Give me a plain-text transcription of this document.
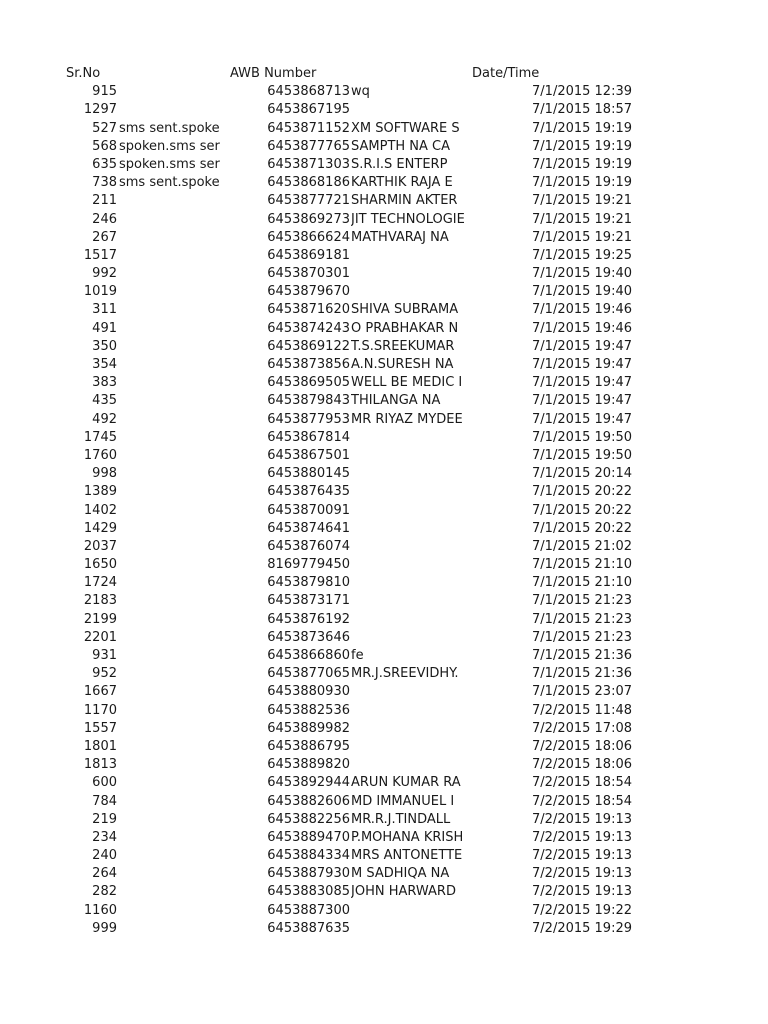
Sr.No	AWB Number	Date/Time
915	6453868713 wq	7/1/2015 12:39
1297	6453867195	7/1/2015 18:57
527 sms sent.spoke	6453871152 XM SOFTWARE S	7/1/2015 19:19
568 spoken.sms ser	6453877765 SAMPTH NA CA	7/1/2015 19:19
635 spoken.sms ser	6453871303 S.R.I.S ENTERP	7/1/2015 19:19
738 sms sent.spoke	6453868186 KARTHIK RAJA E	7/1/2015 19:19
211	6453877721 SHARMIN AKTER	7/1/2015 19:21
246	6453869273 JIT TECHNOLOGIE	7/1/2015 19:21
267	6453866624 MATHVARAJ NA	7/1/2015 19:21
1517	6453869181	7/1/2015 19:25
992	6453870301	7/1/2015 19:40
1019	6453879670	7/1/2015 19:40
311	6453871620 SHIVA SUBRAMA	7/1/2015 19:46
491	6453874243 O PRABHAKAR N	7/1/2015 19:46
350	6453869122 T.S.SREEKUMAR	7/1/2015 19:47
354	6453873856 A.N.SURESH NA	7/1/2015 19:47
383	6453869505 WELL BE MEDIC I	7/1/2015 19:47
435	6453879843 THILANGA NA	7/1/2015 19:47
492	6453877953 MR RIYAZ MYDEE	7/1/2015 19:47
1745	6453867814	7/1/2015 19:50
1760	6453867501	7/1/2015 19:50
998	6453880145	7/1/2015 20:14
1389	6453876435	7/1/2015 20:22
1402	6453870091	7/1/2015 20:22
1429	6453874641	7/1/2015 20:22
2037	6453876074	7/1/2015 21:02
1650	8169779450	7/1/2015 21:10
1724	6453879810	7/1/2015 21:10
2183	6453873171	7/1/2015 21:23
2199	6453876192	7/1/2015 21:23
2201	6453873646	7/1/2015 21:23
931	6453866860 fe	7/1/2015 21:36
952	6453877065 MR.J.SREEVIDHY.	7/1/2015 21:36
1667	6453880930	7/1/2015 23:07
1170	6453882536	7/2/2015 11:48
1557	6453889982	7/2/2015 17:08
1801	6453886795	7/2/2015 18:06
1813	6453889820	7/2/2015 18:06
600	6453892944 ARUN KUMAR RA	7/2/2015 18:54
784	6453882606 MD IMMANUEL I	7/2/2015 18:54
219	6453882256 MR.R.J.TINDALL	7/2/2015 19:13
234	6453889470 P.MOHANA KRISH	7/2/2015 19:13
240	6453884334 MRS ANTONETTE	7/2/2015 19:13
264	6453887930 M SADHIQA NA	7/2/2015 19:13
282	6453883085 JOHN HARWARD	7/2/2015 19:13
1160	6453887300	7/2/2015 19:22
999	6453887635	7/2/2015 19:29
